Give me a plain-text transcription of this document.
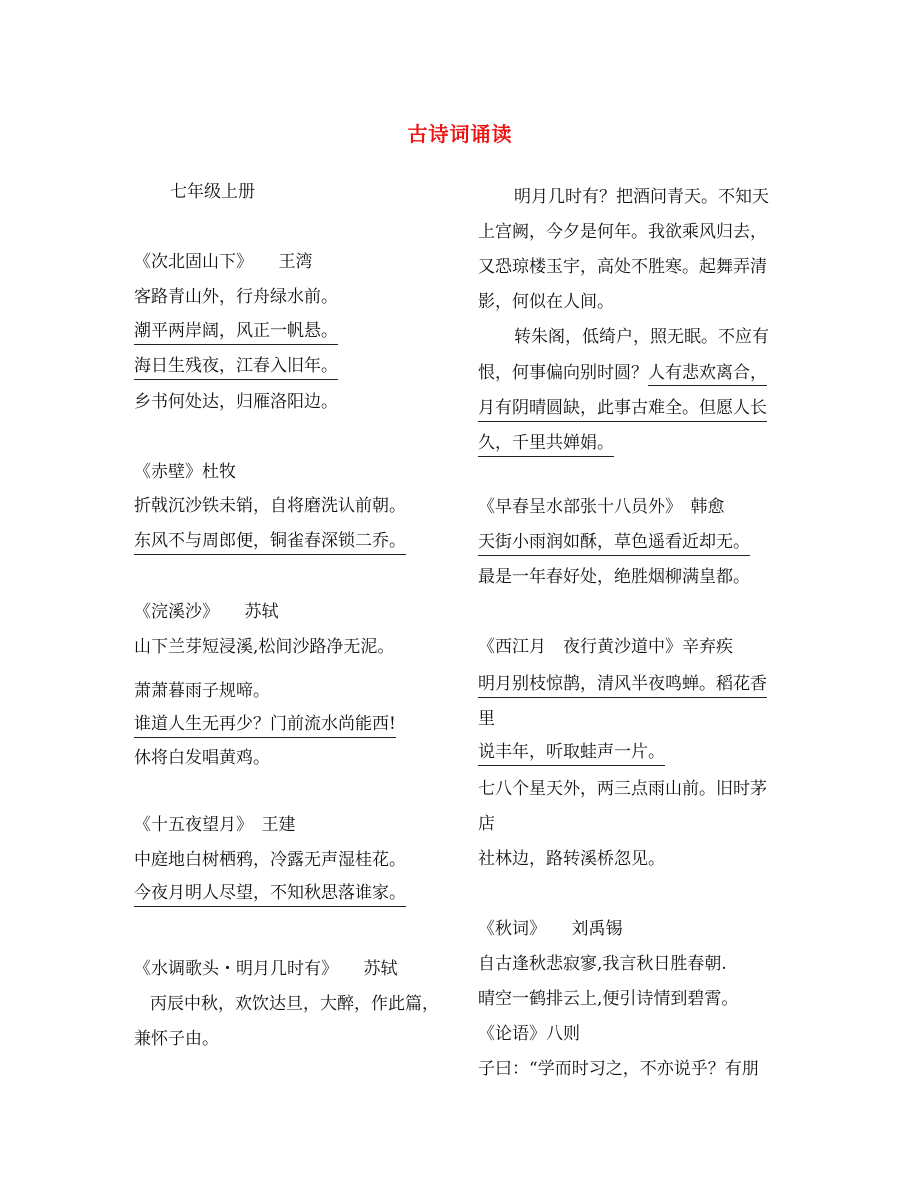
古诗词诵读
七年级上册
《次北固山下》　　王湾
客路青山外，行舟绿水前。
潮平两岸阔，风正一帆悬。
海日生残夜，江春入旧年。
乡书何处达，归雁洛阳边。
《赤壁》杜牧
折戟沉沙铁未销，自将磨洗认前朝。
东风不与周郎便，铜雀春深锁二乔。
《浣溪沙》　　苏轼
山下兰芽短浸溪,松间沙路净无泥。
萧萧暮雨子规啼。
谁道人生无再少？门前流水尚能西!
休将白发唱黄鸡。
《十五夜望月》　王建
中庭地白树栖鸦，冷露无声湿桂花。
今夜月明人尽望，不知秋思落谁家。
《水调歌头・明月几时有》　　苏轼
丙辰中秋，欢饮达旦，大醉，作此篇，
兼怀子由。
明月几时有？把酒问青天。不知天
上宫阙，今夕是何年。我欲乘风归去，
又恐琼楼玉宇，高处不胜寒。起舞弄清
影，何似在人间。
转朱阁，低绮户，照无眠。不应有
恨，何事偏向别时圆？人有悲欢离合，
月有阴晴圆缺，此事古难全。但愿人长
久，千里共婵娟。
《早春呈水部张十八员外》　韩愈
天街小雨润如酥，草色遥看近却无。
最是一年春好处，绝胜烟柳满皇都。
《西江月　夜行黄沙道中》辛弃疾
明月别枝惊鹊，清风半夜鸣蝉。稻花香
里
说丰年，听取蛙声一片。
七八个星天外，两三点雨山前。旧时茅
店
社林边，路转溪桥忽见。
《秋词》　　刘禹锡
自古逢秋悲寂寥,我言秋日胜春朝.
晴空一鹤排云上,便引诗情到碧霄。
《论语》八则
子曰：“学而时习之，不亦说乎？有朋
